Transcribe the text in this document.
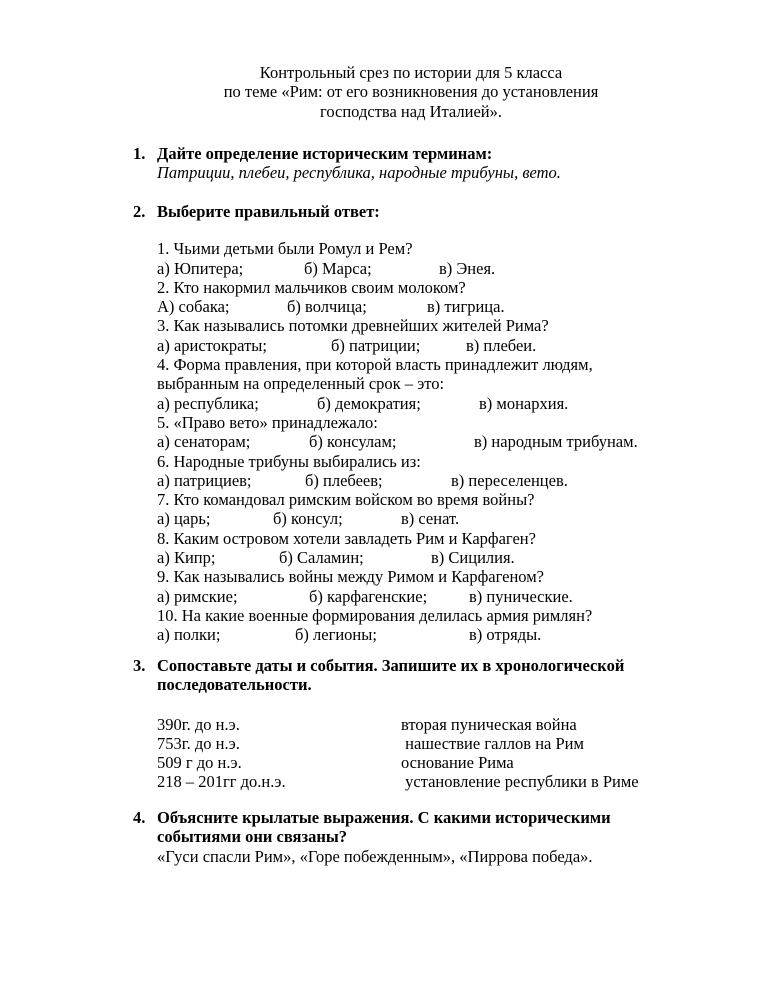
Контрольный срез по истории для 5 класса
по теме «Рим: от его возникновения до установления
господства над Италией».
1. Дайте определение историческим терминам:
Патриции, плебеи, республика, народные трибуны, вето.
2. Выберите правильный ответ:
1. Чьими детьми были Ромул и Рем?
а) Юпитера;	б) Марса;	в) Энея.
2. Кто накормил мальчиков своим молоком?
А) собака;	б) волчица;	в) тигрица.
3. Как назывались потомки древнейших жителей Рима?
а) аристократы;	б) патриции;	в) плебеи.
4. Форма правления, при которой власть принадлежит людям,
выбранным на определенный срок – это:
а) республика;	б) демократия;	в) монархия.
5. «Право вето» принадлежало:
а) сенаторам;	б) консулам;	в) народным трибунам.
6. Народные трибуны выбирались из:
а) патрициев;	б) плебеев;	в) переселенцев.
7. Кто командовал римским войском во время войны?
а) царь;	б) консул;	в) сенат.
8. Каким островом хотели завладеть Рим и Карфаген?
а) Кипр;	б) Саламин;	в) Сицилия.
9. Как назывались войны между Римом и Карфагеном?
а) римские;	б) карфагенские;	в) пунические.
10. На какие военные формирования делилась армия римлян?
а) полки;	б) легионы;	в) отряды.
3. Сопоставьте даты и события. Запишите их в хронологической
последовательности.
390г. до н.э.	вторая пуническая война
753г. до н.э.	нашествие галлов на Рим
509 г до н.э.	основание Рима
218 – 201гг до.н.э.	установление республики в Риме
4. Объясните крылатые выражения. С какими историческими
событиями они связаны?
«Гуси спасли Рим», «Горе побежденным», «Пиррова победа».
